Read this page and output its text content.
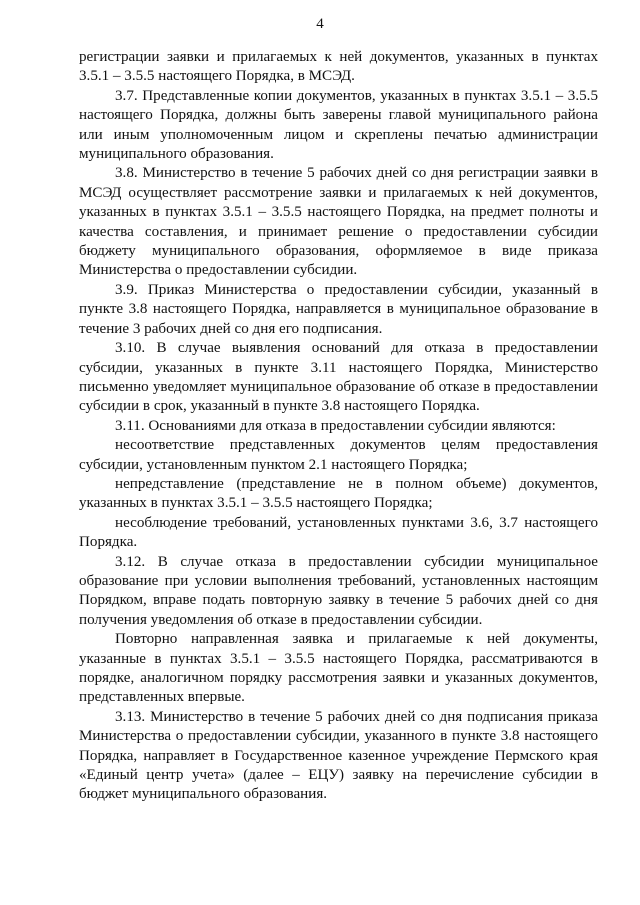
4

регистрации заявки и прилагаемых к ней документов, указанных в пунктах 3.5.1 – 3.5.5 настоящего Порядка, в МСЭД.

3.7. Представленные копии документов, указанных в пунктах 3.5.1 – 3.5.5 настоящего Порядка, должны быть заверены главой муниципального района или иным уполномоченным лицом и скреплены печатью администрации муниципального образования.

3.8. Министерство в течение 5 рабочих дней со дня регистрации заявки в МСЭД осуществляет рассмотрение заявки и прилагаемых к ней документов, указанных в пунктах 3.5.1 – 3.5.5 настоящего Порядка, на предмет полноты и качества составления, и принимает решение о предоставлении субсидии бюджету муниципального образования, оформляемое в виде приказа Министерства о предоставлении субсидии.

3.9. Приказ Министерства о предоставлении субсидии, указанный в пункте 3.8 настоящего Порядка, направляется в муниципальное образование в течение 3 рабочих дней со дня его подписания.

3.10. В случае выявления оснований для отказа в предоставлении субсидии, указанных в пункте 3.11 настоящего Порядка, Министерство письменно уведомляет муниципальное образование об отказе в предоставлении субсидии в срок, указанный в пункте 3.8 настоящего Порядка.

3.11. Основаниями для отказа в предоставлении субсидии являются:

несоответствие представленных документов целям предоставления субсидии, установленным пунктом 2.1 настоящего Порядка;

непредставление (представление не в полном объеме) документов, указанных в пунктах 3.5.1 – 3.5.5 настоящего Порядка;

несоблюдение требований, установленных пунктами 3.6, 3.7 настоящего Порядка.

3.12. В случае отказа в предоставлении субсидии муниципальное образование при условии выполнения требований, установленных настоящим Порядком, вправе подать повторную заявку в течение 5 рабочих дней со дня получения уведомления об отказе в предоставлении субсидии.

Повторно направленная заявка и прилагаемые к ней документы, указанные в пунктах 3.5.1 – 3.5.5 настоящего Порядка, рассматриваются в порядке, аналогичном порядку рассмотрения заявки и указанных документов, представленных впервые.

3.13. Министерство в течение 5 рабочих дней со дня подписания приказа Министерства о предоставлении субсидии, указанного в пункте 3.8 настоящего Порядка, направляет в Государственное казенное учреждение Пермского края «Единый центр учета» (далее – ЕЦУ) заявку на перечисление субсидии в бюджет муниципального образования.
